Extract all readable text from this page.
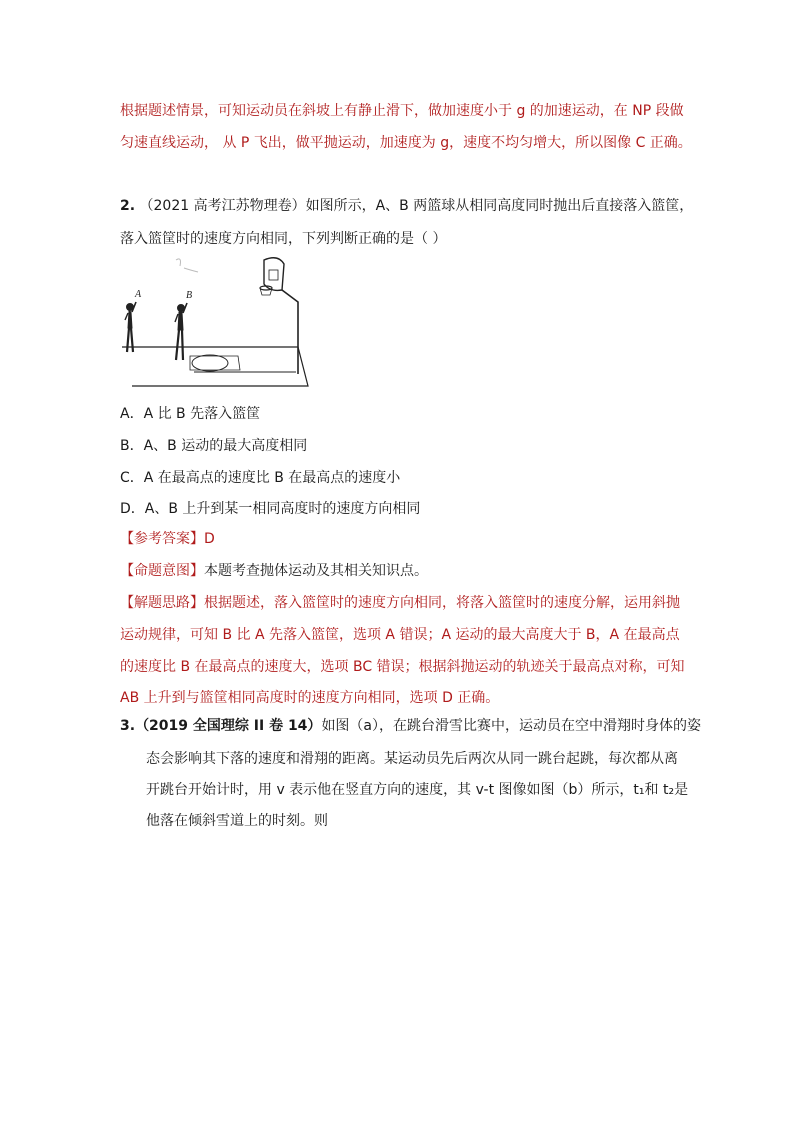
根据题述情景，可知运动员在斜坡上有静止滑下，做加速度小于 g 的加速运动，在 NP 段做
匀速直线运动， 从 P 飞出，做平抛运动，加速度为 g，速度不均匀增大，所以图像 C 正确。
2. （2021 高考江苏物理卷）如图所示，A、B 两篮球从相同高度同时抛出后直接落入篮筐，
落入篮筐时的速度方向相同，下列判断正确的是（ ）
A	B
A．A 比 B 先落入篮筐
B．A、B 运动的最大高度相同
C．A 在最高点的速度比 B 在最高点的速度小
D．A、B 上升到某一相同高度时的速度方向相同
【参考答案】D
【命题意图】本题考查抛体运动及其相关知识点。
【解题思路】根据题述，落入篮筐时的速度方向相同，将落入篮筐时的速度分解，运用斜抛
运动规律，可知 B 比 A 先落入篮筐，选项 A 错误；A 运动的最大高度大于 B，A 在最高点
的速度比 B 在最高点的速度大，选项 BC 错误；根据斜抛运动的轨迹关于最高点对称，可知
AB 上升到与篮筐相同高度时的速度方向相同，选项 D 正确。
3.（2019 全国理综 II 卷 14）如图（a），在跳台滑雪比赛中，运动员在空中滑翔时身体的姿
态会影响其下落的速度和滑翔的距离。某运动员先后两次从同一跳台起跳，每次都从离
开跳台开始计时，用 v 表示他在竖直方向的速度，其 v-t 图像如图（b）所示，t₁和 t₂是
他落在倾斜雪道上的时刻。则
